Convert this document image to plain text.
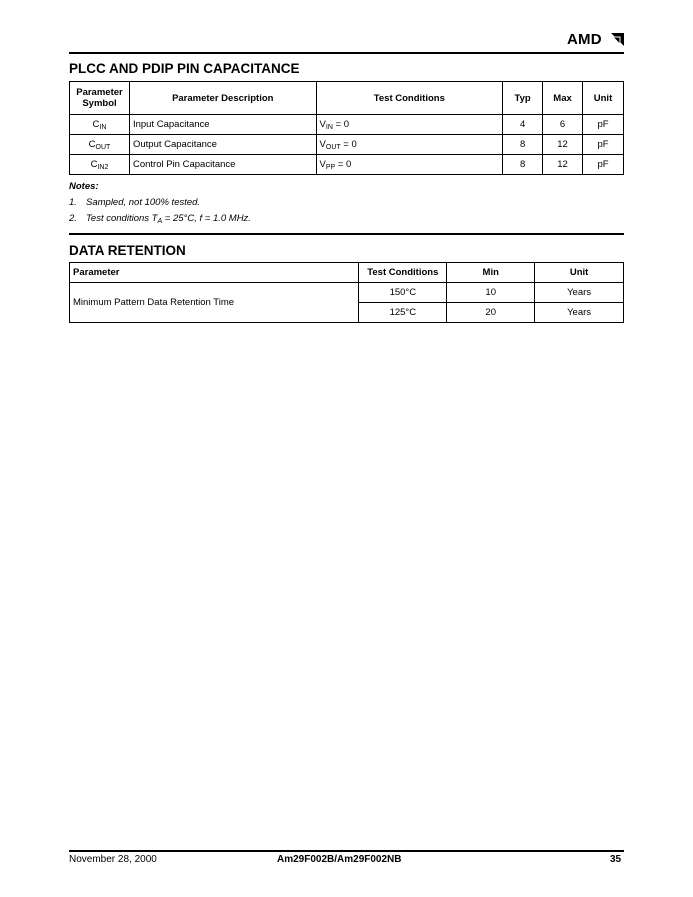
AMD
PLCC AND PDIP PIN CAPACITANCE
Parameter Symbol	Parameter Description	Test Conditions	Typ	Max	Unit
$C_{IN}$	Input Capacitance	$V_{IN} = 0$	4	6	pF
$C_{OUT}$	Output Capacitance	$V_{OUT} = 0$	8	12	pF
$C_{IN2}$	Control Pin Capacitance	$V_{PP} = 0$	8	12	pF
Notes:
1. Sampled, not 100% tested.
2. Test conditions $T_A = 25^\circ C$, f = 1.0 MHz.
DATA RETENTION
Parameter	Test Conditions	Min	Unit
Minimum Pattern Data Retention Time	150°C	10	Years
	125°C	20	Years
November 28, 2000	Am29F002B/Am29F002NB	35
